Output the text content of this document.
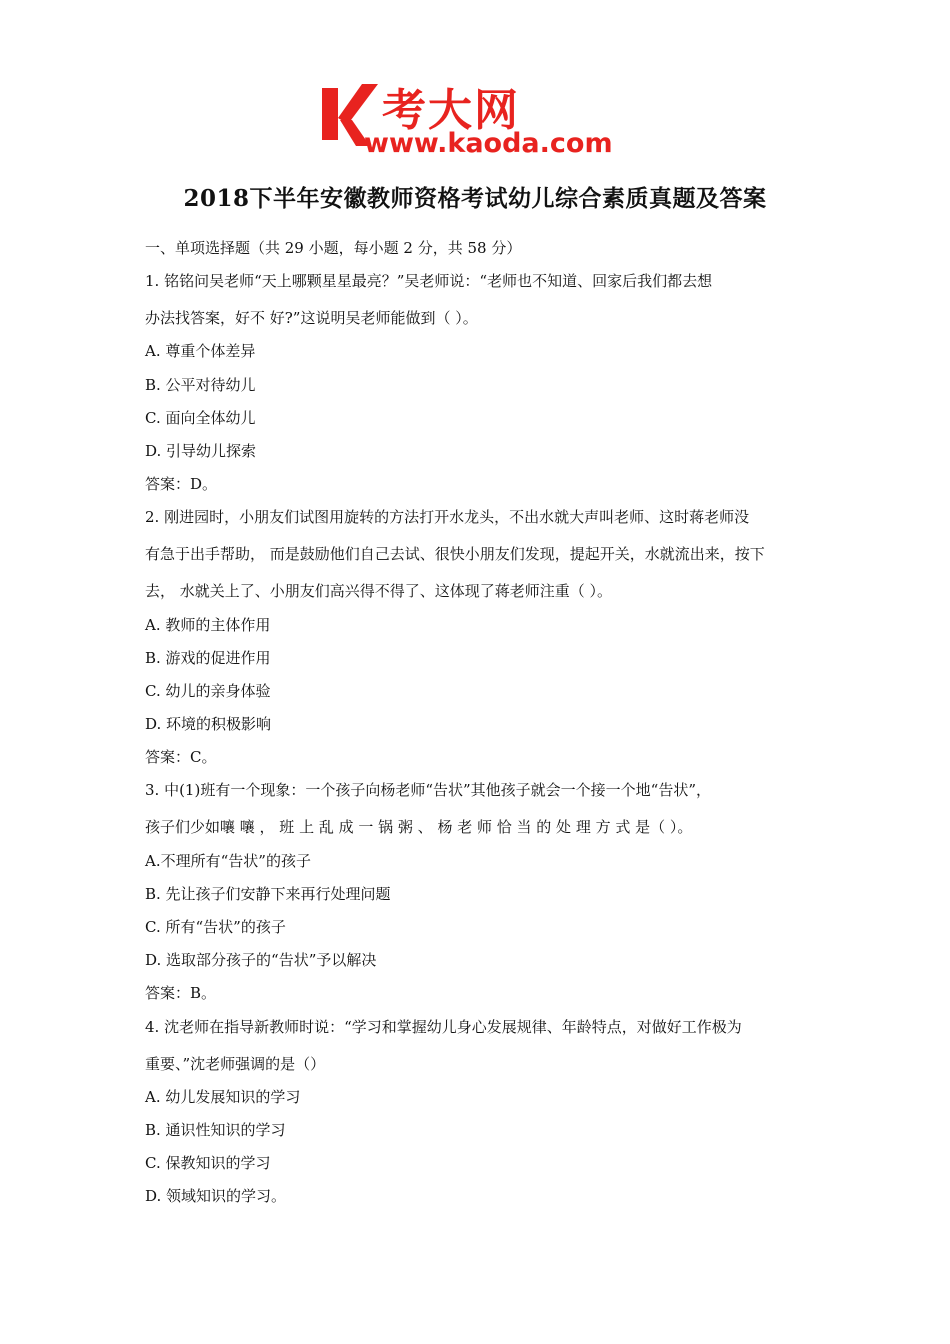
考大网
www.kaoda.com
2018下半年安徽教师资格考试幼儿综合素质真题及答案
一、单项选择题（共 29 小题，每小题 2 分，共 58 分）
1. 铭铭问吴老师“天上哪颗星星最亮？”吴老师说：“老师也不知道、回家后我们都去想
办法找答案，好不 好?”这说明吴老师能做到（ ）。
A. 尊重个体差异
B. 公平对待幼儿
C. 面向全体幼儿
D. 引导幼儿探索
答案：D。
2. 刚进园时，小朋友们试图用旋转的方法打开水龙头，不出水就大声叫老师、这时蒋老师没
有急于出手帮助， 而是鼓励他们自己去试、很快小朋友们发现，提起开关，水就流出来，按下
去， 水就关上了、小朋友们高兴得不得了、这体现了蒋老师注重（ ）。
A. 教师的主体作用
B. 游戏的促进作用
C. 幼儿的亲身体验
D. 环境的积极影响
答案：C。
3. 中(1)班有一个现象：一个孩子向杨老师“告状”其他孩子就会一个接一个地“告状”，
孩子们少如嚷 嚷 ， 班 上 乱 成 一 锅 粥 、 杨 老 师 恰 当 的 处 理 方 式 是（ ）。
A.不理所有“告状”的孩子
B. 先让孩子们安静下来再行处理问题
C. 所有“告状”的孩子
D. 选取部分孩子的“告状”予以解决
答案：B。
4. 沈老师在指导新教师时说：“学习和掌握幼儿身心发展规律、年龄特点，对做好工作极为
重要、”沈老师强调的是（）
A. 幼儿发展知识的学习
B. 通识性知识的学习
C. 保教知识的学习
D. 领域知识的学习。
